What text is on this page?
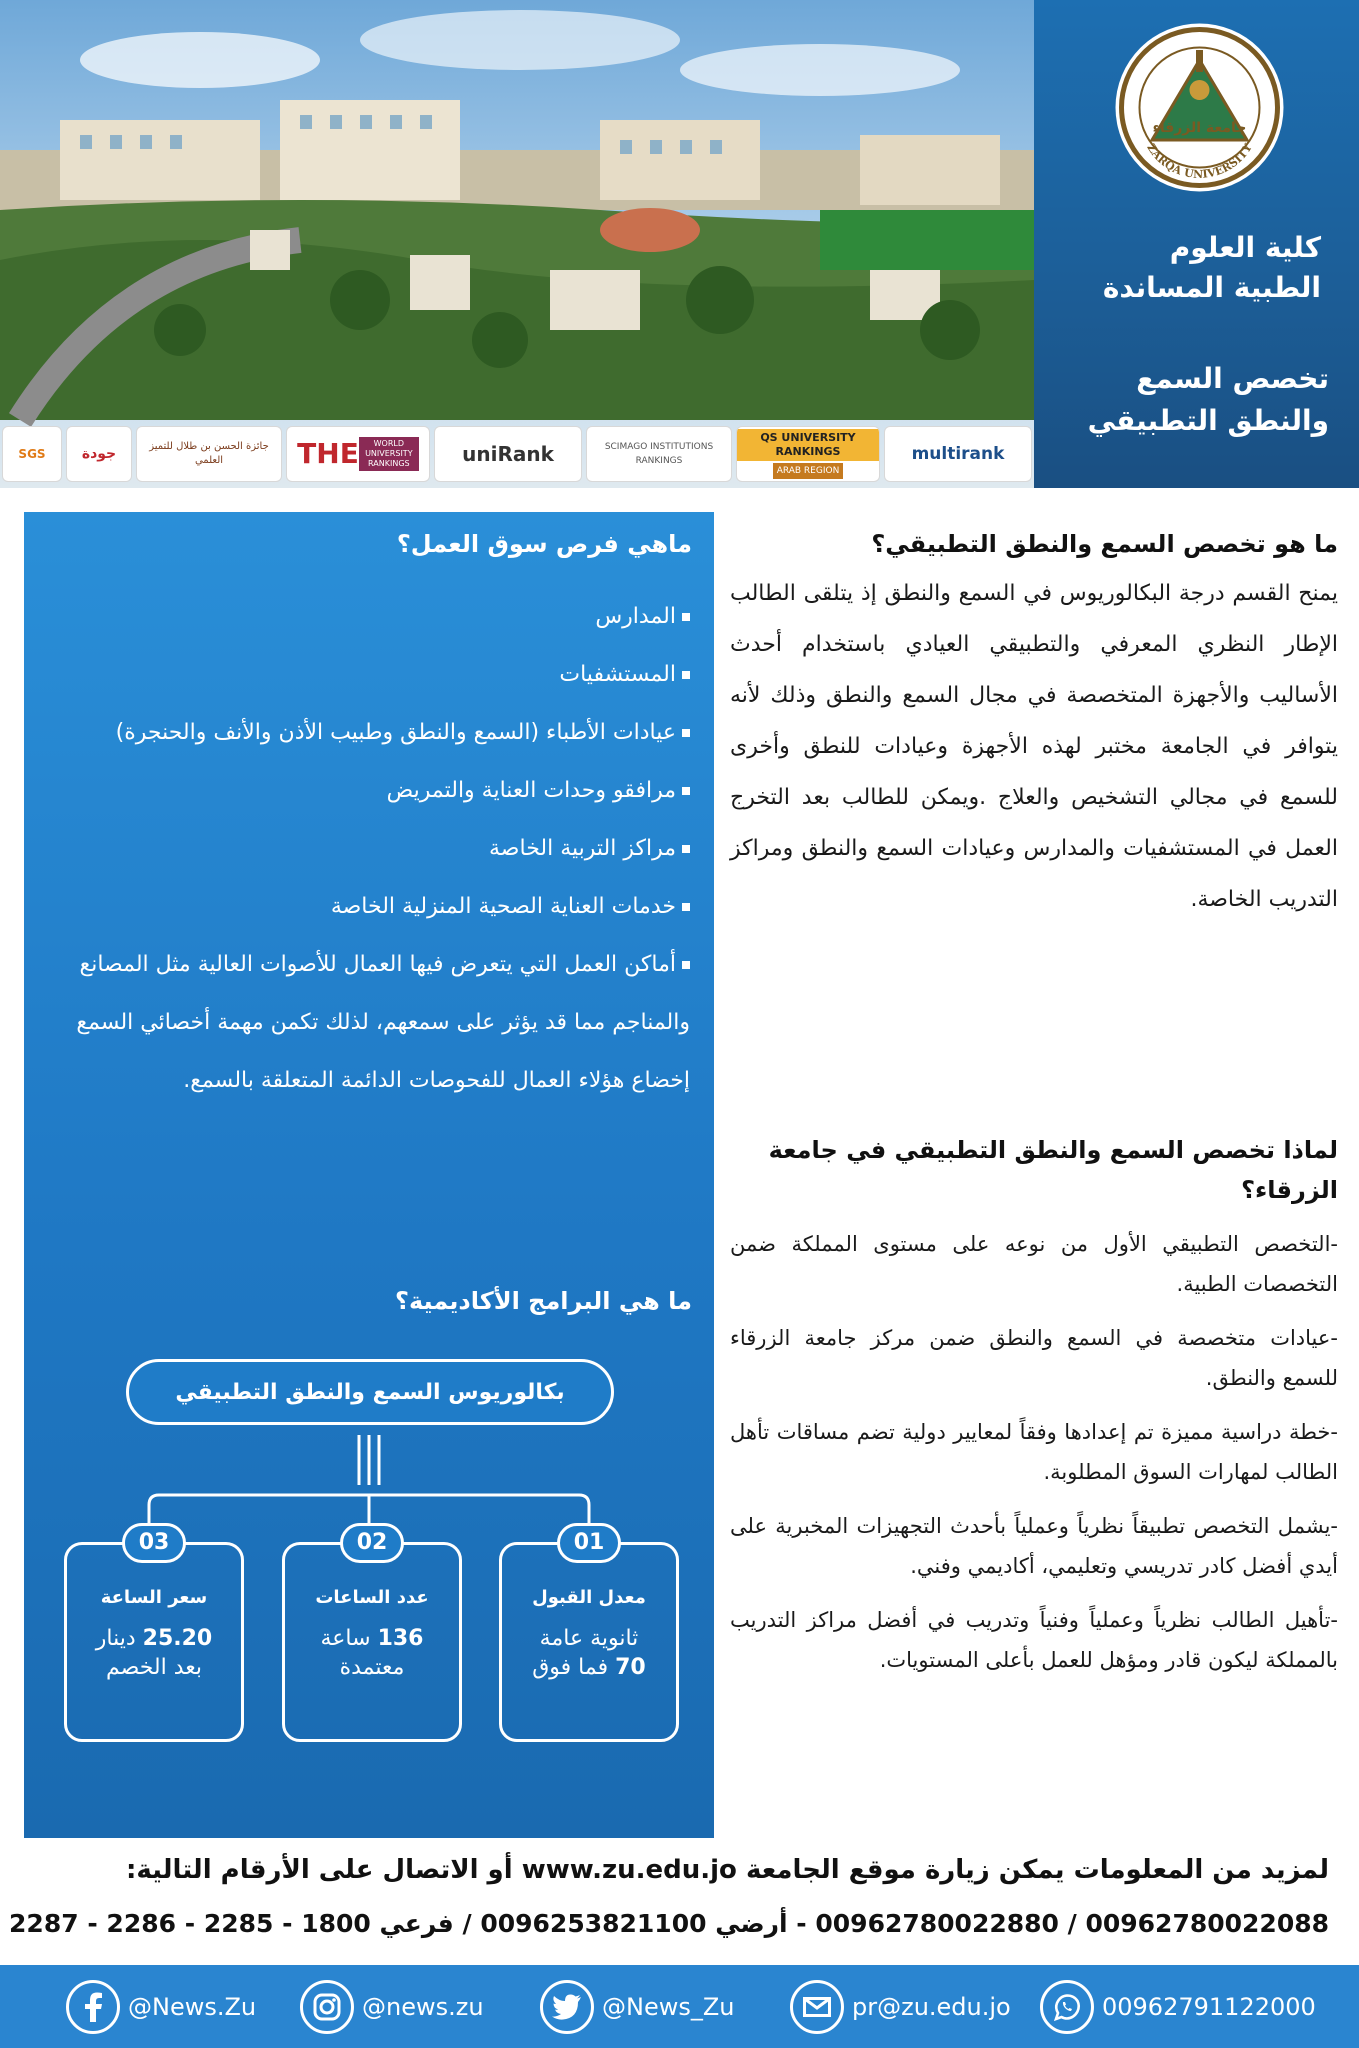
جامعة الزرقاء
ZARQA UNIVERSITY
كلية العلوم
الطبية المساندة
تخصص السمع
والنطق التطبيقي
SGS	جودة	جائزة الحسن بن طلال للتميز العلمي	THE	WORLD UNIVERSITY RANKINGS	uniRank	SCIMAGO INSTITUTIONS RANKINGS
QS UNIVERSITY RANKINGS
ARAB REGION
multirank
ماهي فرص سوق العمل؟
المدارس
المستشفيات
عيادات الأطباء (السمع والنطق وطبيب الأذن والأنف والحنجرة)
مرافقو وحدات العناية والتمريض
مراكز التربية الخاصة
خدمات العناية الصحية المنزلية الخاصة
أماكن العمل التي يتعرض فيها العمال للأصوات العالية مثل المصانع والمناجم مما قد يؤثر على سمعهم، لذلك تكمن مهمة أخصائي السمع إخضاع هؤلاء العمال للفحوصات الدائمة المتعلقة بالسمع.
ما هي البرامج الأكاديمية؟
بكالوريوس السمع والنطق التطبيقي
01
معدل القبول
ثانوية عامة
70 فما فوق
02
عدد الساعات
136 ساعة
معتمدة
03
سعر الساعة
25.20 دينار
بعد الخصم
ما هو تخصص السمع والنطق التطبيقي؟

يمنح القسم درجة البكالوريوس في السمع والنطق إذ يتلقى الطالب الإطار النظري المعرفي والتطبيقي العيادي باستخدام أحدث الأساليب والأجهزة المتخصصة في مجال السمع والنطق وذلك لأنه يتوافر في الجامعة مختبر لهذه الأجهزة وعيادات للنطق وأخرى للسمع في مجالي التشخيص والعلاج .ويمكن للطالب بعد التخرج العمل في المستشفيات والمدارس وعيادات السمع والنطق ومراكز التدريب الخاصة.

لماذا تخصص السمع والنطق التطبيقي في جامعة الزرقاء؟
-التخصص التطبيقي الأول من نوعه على مستوى المملكة ضمن التخصصات الطبية.
-عيادات متخصصة في السمع والنطق ضمن مركز جامعة الزرقاء للسمع والنطق.
-خطة دراسية مميزة تم إعدادها وفقاً لمعايير دولية تضم مساقات تأهل الطالب لمهارات السوق المطلوبة.
-يشمل التخصص تطبيقاً نظرياً وعملياً بأحدث التجهيزات المخبرية على أيدي أفضل كادر تدريسي وتعليمي، أكاديمي وفني.
-تأهيل الطالب نظرياً وعملياً وفنياً وتدريب في أفضل مراكز التدريب بالمملكة ليكون قادر ومؤهل للعمل بأعلى المستويات.
لمزيد من المعلومات يمكن زيارة موقع الجامعة www.zu.edu.jo أو الاتصال على الأرقام التالية:
00962780022088 / 00962780022880 - أرضي 0096253821100 / فرعي 1800 - 2285 - 2286 - 2287
@News.Zu	@news.zu	@News_Zu	pr@zu.edu.jo	00962791122000
